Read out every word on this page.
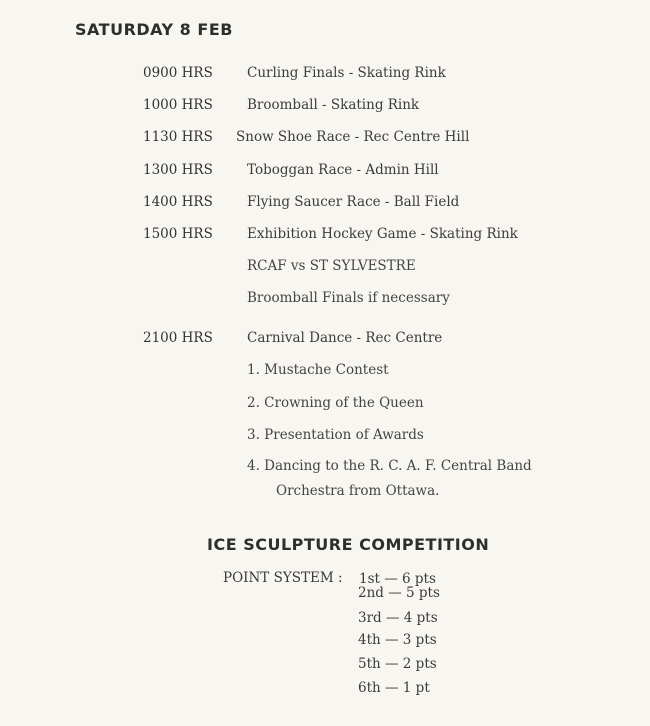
SATURDAY 8 FEB
0900 HRS	Curling Finals - Skating Rink
1000 HRS	Broomball - Skating Rink
1130 HRS Snow Shoe Race - Rec Centre Hill
1300 HRS	Toboggan Race - Admin Hill
1400 HRS	Flying Saucer Race - Ball Field
1500 HRS	Exhibition Hockey Game - Skating Rink
RCAF vs ST SYLVESTRE
Broomball Finals if necessary
2100 HRS	Carnival Dance - Rec Centre
1. Mustache Contest
2. Crowning of the Queen
3. Presentation of Awards
4. Dancing to the R. C. A. F. Central Band
Orchestra from Ottawa.
ICE SCULPTURE COMPETITION
POINT SYSTEM : 1st — 6 pts
2nd — 5 pts
3rd — 4 pts
4th — 3 pts
5th — 2 pts
6th — 1 pt
